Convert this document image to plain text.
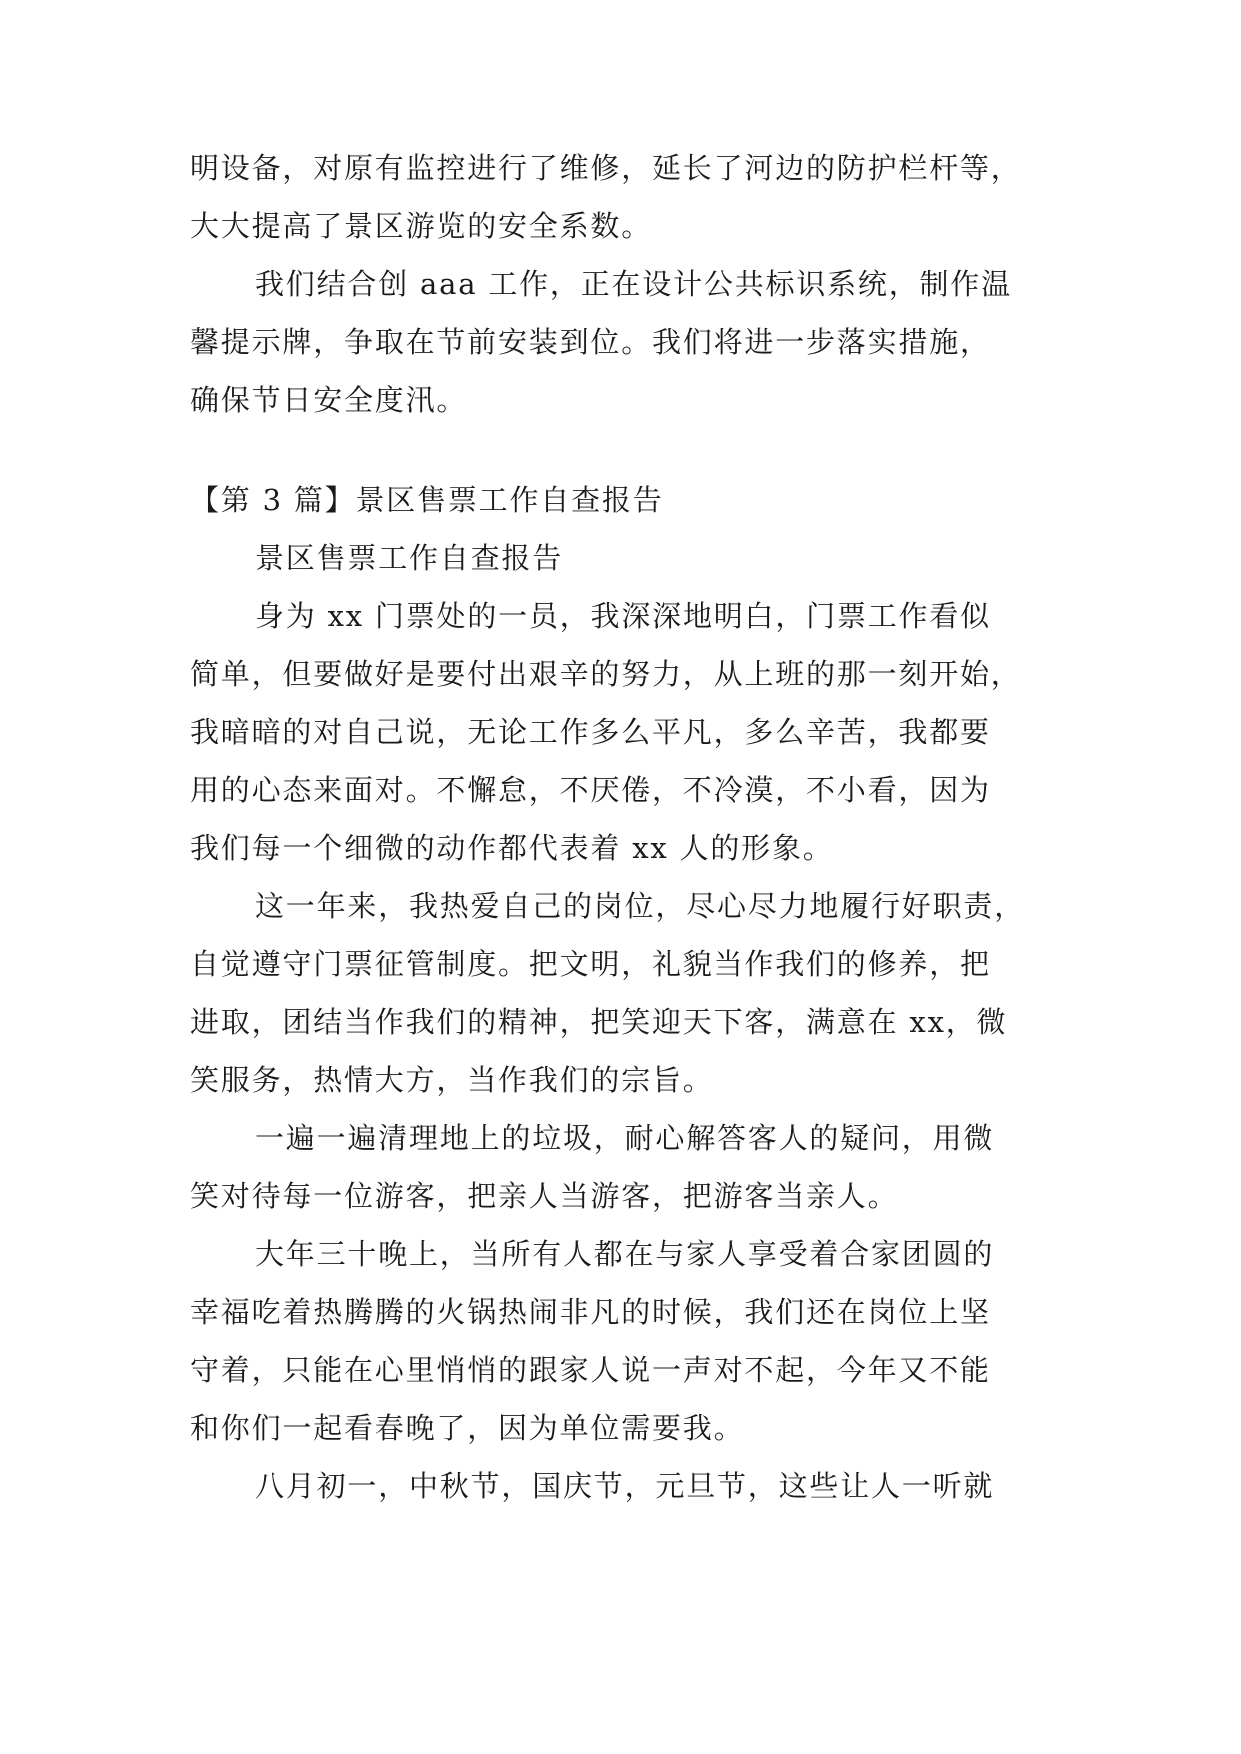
明设备，对原有监控进行了维修，延长了河边的防护栏杆等，
大大提高了景区游览的安全系数。
我们结合创 aaa 工作，正在设计公共标识系统，制作温
馨提示牌，争取在节前安装到位。我们将进一步落实措施，
确保节日安全度汛。
【第 3 篇】景区售票工作自查报告
景区售票工作自查报告
身为 xx 门票处的一员，我深深地明白，门票工作看似
简单，但要做好是要付出艰辛的努力，从上班的那一刻开始，
我暗暗的对自己说，无论工作多么平凡，多么辛苦，我都要
用的心态来面对。不懈怠，不厌倦，不冷漠，不小看，因为
我们每一个细微的动作都代表着 xx 人的形象。
这一年来，我热爱自己的岗位，尽心尽力地履行好职责，
自觉遵守门票征管制度。把文明，礼貌当作我们的修养，把
进取，团结当作我们的精神，把笑迎天下客，满意在 xx，微
笑服务，热情大方，当作我们的宗旨。
一遍一遍清理地上的垃圾，耐心解答客人的疑问，用微
笑对待每一位游客，把亲人当游客，把游客当亲人。
大年三十晚上，当所有人都在与家人享受着合家团圆的
幸福吃着热腾腾的火锅热闹非凡的时候，我们还在岗位上坚
守着，只能在心里悄悄的跟家人说一声对不起，今年又不能
和你们一起看春晚了，因为单位需要我。
八月初一，中秋节，国庆节，元旦节，这些让人一听就
